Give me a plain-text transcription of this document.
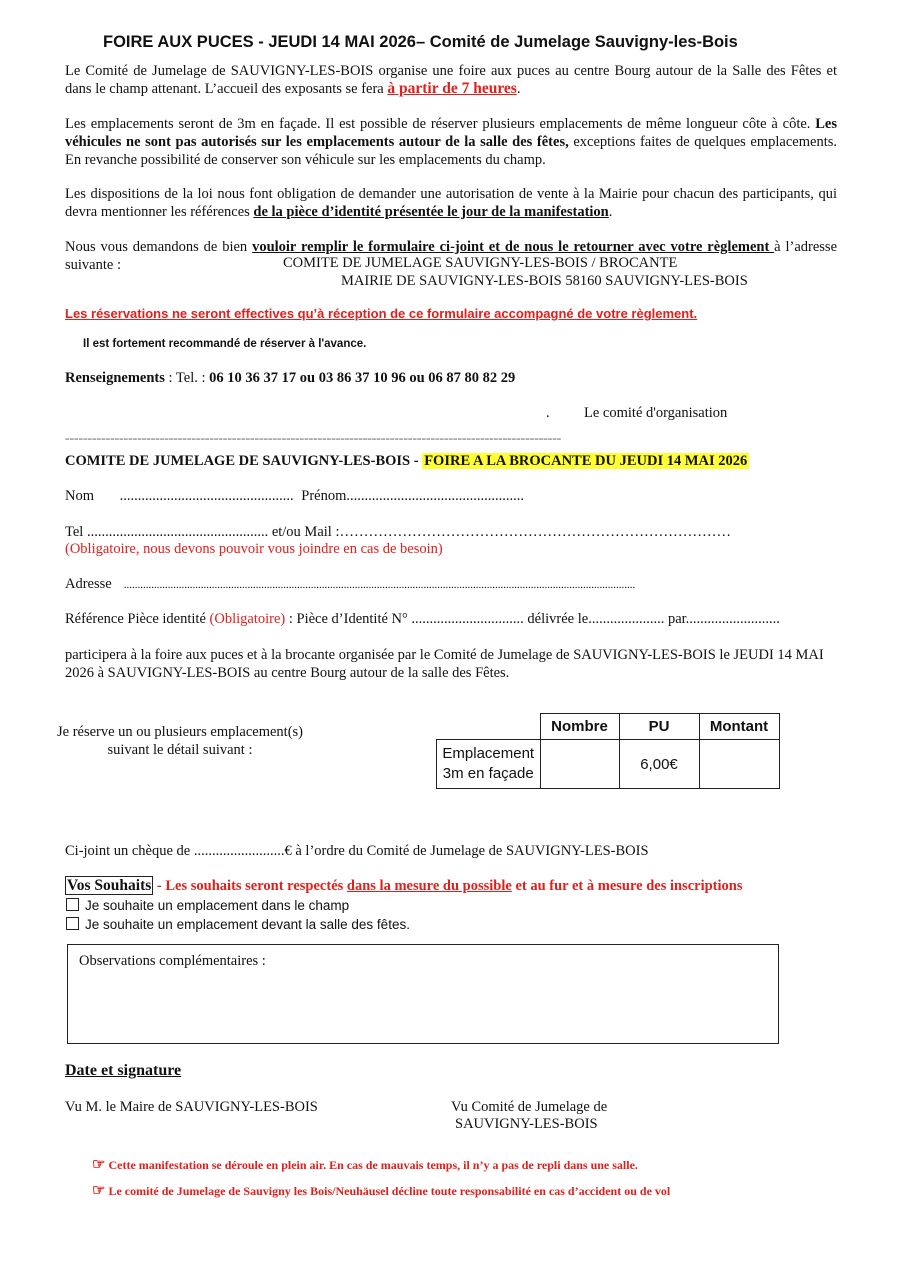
FOIRE AUX PUCES - JEUDI 14 MAI 2026– Comité de Jumelage Sauvigny-les-Bois

Le Comité de Jumelage de SAUVIGNY-LES-BOIS organise une foire aux puces au centre Bourg autour de la Salle des Fêtes et dans le champ attenant. L’accueil des exposants se fera à partir de 7 heures.

Les emplacements seront de 3m en façade. Il est possible de réserver plusieurs emplacements de même longueur côte à côte. Les véhicules ne sont pas autorisés sur les emplacements autour de la salle des fêtes, exceptions faites de quelques emplacements. En revanche possibilité de conserver son véhicule sur les emplacements du champ.

Les dispositions de la loi nous font obligation de demander une autorisation de vente à la Mairie pour chacun des participants, qui devra mentionner les références de la pièce d’identité présentée le jour de la manifestation.

Nous vous demandons de bien vouloir remplir le formulaire ci-joint et de nous le retourner avec votre règlement à l’adresse suivante :	COMITE DE JUMELAGE SAUVIGNY-LES-BOIS / BROCANTE
MAIRIE DE SAUVIGNY-LES-BOIS 58160 SAUVIGNY-LES-BOIS
Les réservations ne seront effectives qu’à réception de ce formulaire accompagné de votre règlement.
Il est fortement recommandé de réserver à l'avance.
Renseignements : Tel. : 06 10 36 37 17 ou 03 86 37 10 96 ou 06 87 80 82 29
. Le comité d'organisation
==============================================================================================================
COMITE DE JUMELAGE DE SAUVIGNY-LES-BOIS - FOIRE A LA BROCANTE DU JEUDI 14 MAI 2026
Nom ................................................ Prénom.................................................
Tel .................................................. et/ou Mail :………………………………………………………………………
(Obligatoire, nous devons pouvoir vous joindre en cas de besoin)
Adresse ..........................................................................................................................................................................................
Référence Pièce identité (Obligatoire) : Pièce d’Identité N° ............................... délivrée le..................... par..........................

participera à la foire aux puces et à la brocante organisée par le Comité de Jumelage de SAUVIGNY-LES-BOIS le JEUDI 14 MAI 2026 à SAUVIGNY-LES-BOIS au centre Bourg autour de la salle des Fêtes.

Je réserve un ou plusieurs emplacement(s) suivant le détail suivant :
	Nombre	PU	Montant
Emplacement 3m en façade		6,00€	
Ci-joint un chèque de .........................€ à l’ordre du Comité de Jumelage de SAUVIGNY-LES-BOIS
Vos Souhaits - Les souhaits seront respectés dans la mesure du possible et au fur et à mesure des inscriptions
Je souhaite un emplacement dans le champ
Je souhaite un emplacement devant la salle des fêtes.
Observations complémentaires :
Date et signature
Vu M. le Maire de SAUVIGNY-LES-BOIS	Vu Comité de Jumelage de
SAUVIGNY-LES-BOIS
☞ Cette manifestation se déroule en plein air. En cas de mauvais temps, il n’y a pas de repli dans une salle.
☞ Le comité de Jumelage de Sauvigny les Bois/Neuhäusel décline toute responsabilité en cas d’accident ou de vol
